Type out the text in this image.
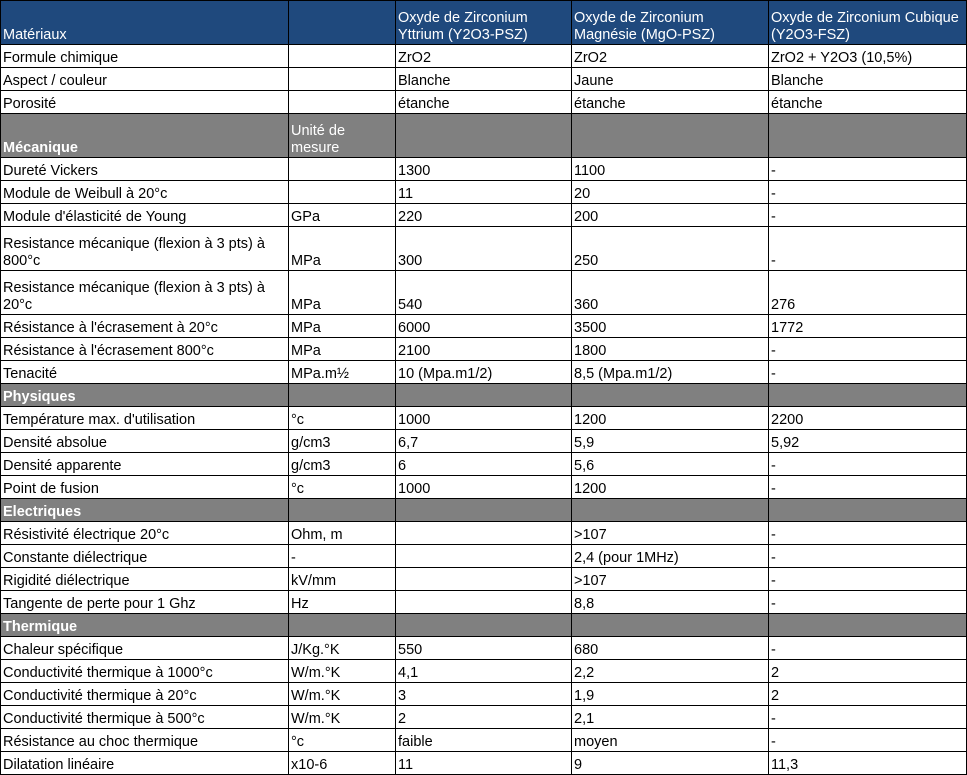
Matériaux		Oxyde de Zirconium Yttrium (Y2O3-PSZ)	Oxyde de Zirconium Magnésie (MgO-PSZ)	Oxyde de Zirconium Cubique (Y2O3-FSZ)
Formule chimique		ZrO2	ZrO2	ZrO2 + Y2O3 (10,5%)
Aspect / couleur		Blanche	Jaune	Blanche
Porosité		étanche	étanche	étanche
Mécanique	Unité de mesure			
Dureté Vickers		1300	1100	-
Module de Weibull à 20°c		11	20	-
Module d'élasticité de Young	GPa	220	200	-
Resistance mécanique (flexion à 3 pts) à 800°c	MPa	300	250	-
Resistance mécanique (flexion à 3 pts) à 20°c	MPa	540	360	276
Résistance à l'écrasement à 20°c	MPa	6000	3500	1772
Résistance à l'écrasement 800°c	MPa	2100	1800	-
Tenacité	MPa.m½	10 (Mpa.m1/2)	8,5 (Mpa.m1/2)	-
Physiques				
Température max. d'utilisation	°c	1000	1200	2200
Densité absolue	g/cm3	6,7	5,9	5,92
Densité apparente	g/cm3	6	5,6	-
Point de fusion	°c	1000	1200	-
Electriques				
Résistivité électrique 20°c	Ohm, m		>107	-
Constante diélectrique	-		2,4 (pour 1MHz)	-
Rigidité diélectrique	kV/mm		>107	-
Tangente de perte pour 1 Ghz	Hz		8,8	-
Thermique				
Chaleur spécifique	J/Kg.°K	550	680	-
Conductivité thermique à 1000°c	W/m.°K	4,1	2,2	2
Conductivité thermique à 20°c	W/m.°K	3	1,9	2
Conductivité thermique à 500°c	W/m.°K	2	2,1	-
Résistance au choc thermique	°c	faible	moyen	-
Dilatation linéaire	x10-6	11	9	11,3
